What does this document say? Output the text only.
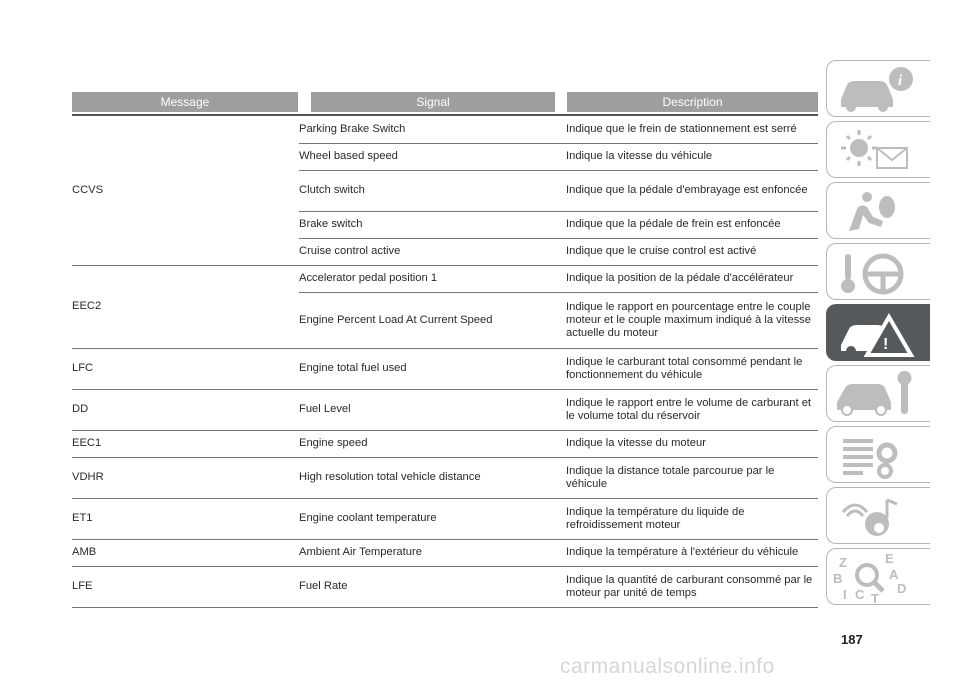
Message	Signal	Description
CCVS	Parking Brake Switch	Indique que le frein de stationnement est serré
	Wheel based speed	Indique la vitesse du véhicule
	Clutch switch	Indique que la pédale d'embrayage est enfoncée
	Brake switch	Indique que la pédale de frein est enfoncée
	Cruise control active	Indique que le cruise control est activé
EEC2	Accelerator pedal position 1	Indique la position de la pédale d'accélérateur
	Engine Percent Load At Current Speed	Indique le rapport en pourcentage entre le couple moteur et le couple maximum indiqué à la vitesse actuelle du moteur
LFC	Engine total fuel used	Indique le carburant total consommé pendant le fonctionnement du véhicule
DD	Fuel Level	Indique le rapport entre le volume de carburant et le volume total du réservoir
EEC1	Engine speed	Indique la vitesse du moteur
VDHR	High resolution total vehicle distance	Indique la distance totale parcourue par le véhicule
ET1	Engine coolant temperature	Indique la température du liquide de refroidissement moteur
AMB	Ambient Air Temperature	Indique la température à l'extérieur du véhicule
LFE	Fuel Rate	Indique la quantité de carburant consommé par le moteur par unité de temps
i
!
Z	E
B	A
D
I C T
187
carmanualsonline.info
